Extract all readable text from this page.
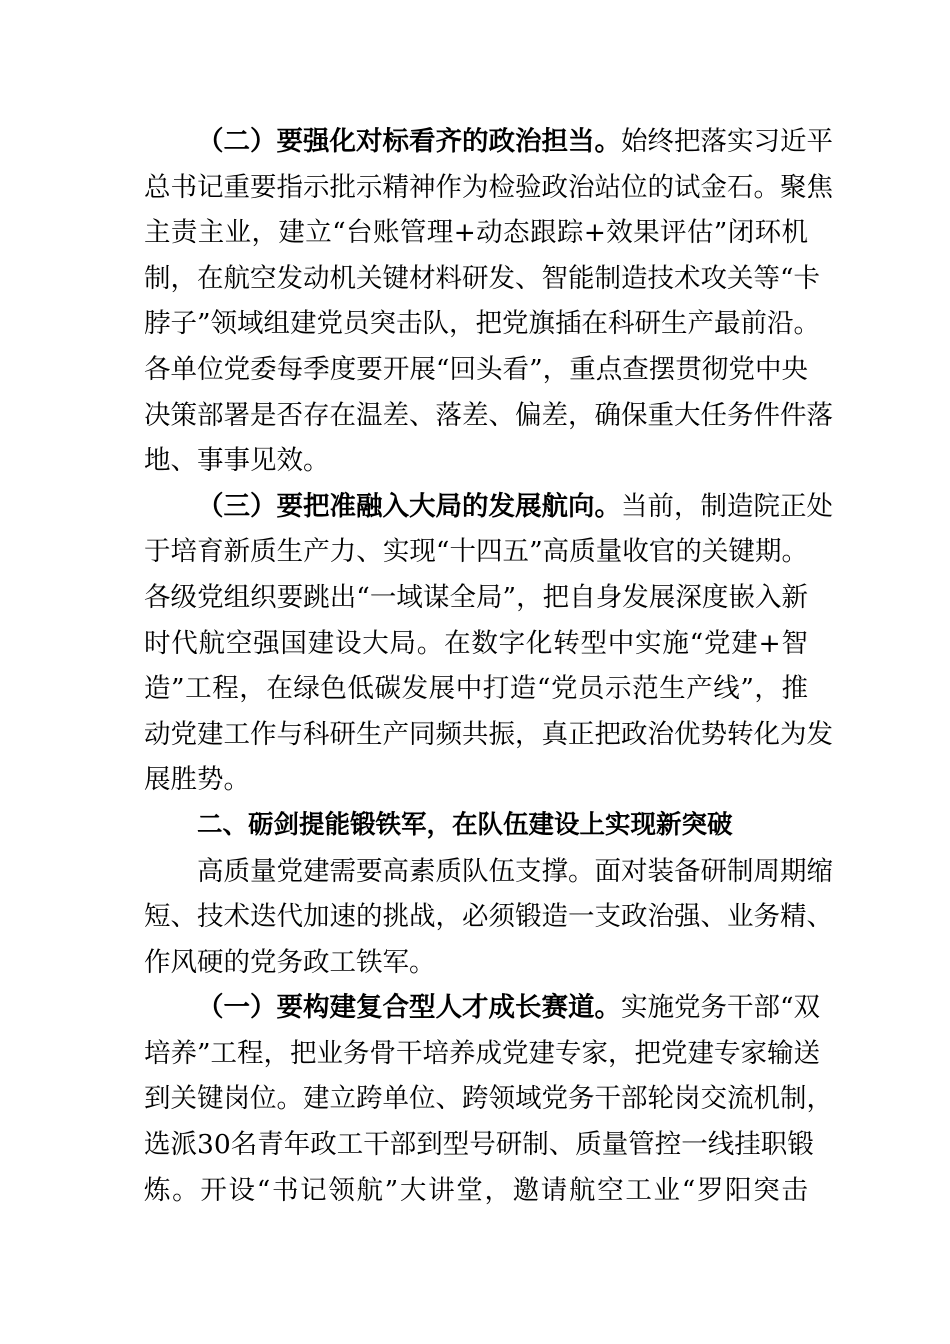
（二）要强化对标看齐的政治担当。始终把落实习近平
总书记重要指示批示精神作为检验政治站位的试金石。聚焦
主责主业，建立“台账管理+动态跟踪+效果评估”闭环机
制，在航空发动机关键材料研发、智能制造技术攻关等“卡
脖子”领域组建党员突击队，把党旗插在科研生产最前沿。
各单位党委每季度要开展“回头看”，重点查摆贯彻党中央
决策部署是否存在温差、落差、偏差，确保重大任务件件落
地、事事见效。
（三）要把准融入大局的发展航向。当前，制造院正处
于培育新质生产力、实现“十四五”高质量收官的关键期。
各级党组织要跳出“一域谋全局”，把自身发展深度嵌入新
时代航空强国建设大局。在数字化转型中实施“党建+智
造”工程，在绿色低碳发展中打造“党员示范生产线”，推
动党建工作与科研生产同频共振，真正把政治优势转化为发
展胜势。
二、砺剑提能锻铁军，在队伍建设上实现新突破
高质量党建需要高素质队伍支撑。面对装备研制周期缩
短、技术迭代加速的挑战，必须锻造一支政治强、业务精、
作风硬的党务政工铁军。
（一）要构建复合型人才成长赛道。实施党务干部“双
培养”工程，把业务骨干培养成党建专家，把党建专家输送
到关键岗位。建立跨单位、跨领域党务干部轮岗交流机制，
选派30名青年政工干部到型号研制、质量管控一线挂职锻
炼。开设“书记领航”大讲堂，邀请航空工业“罗阳突击
